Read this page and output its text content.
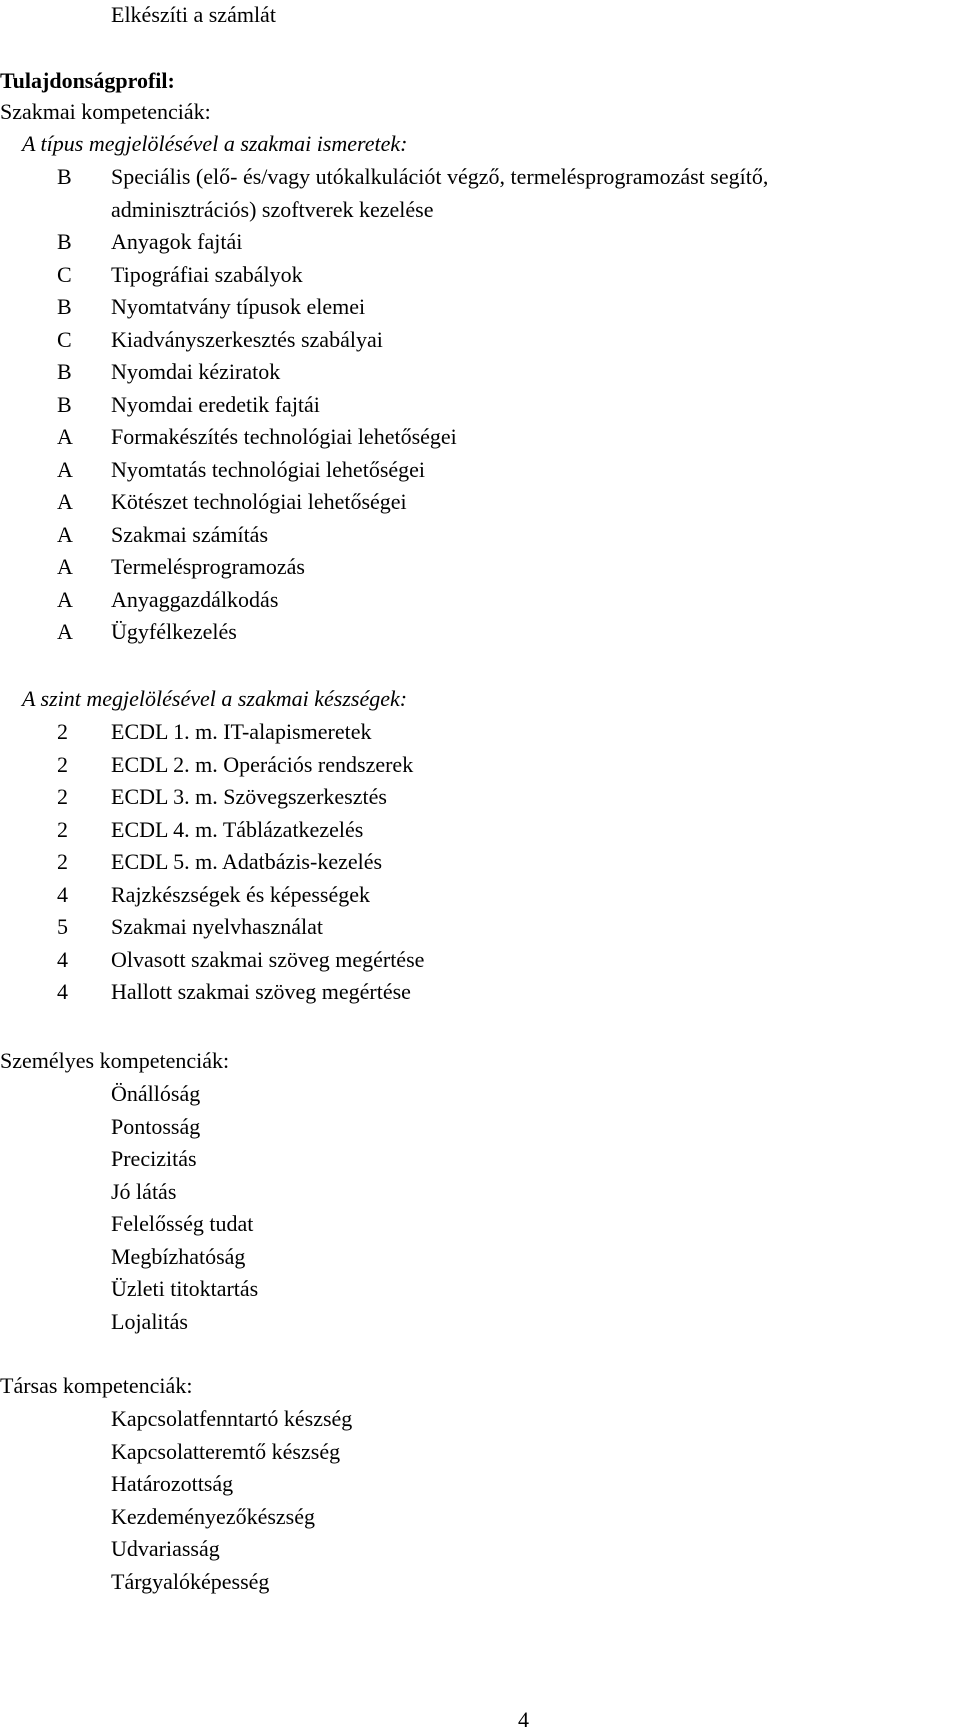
Elkészíti a számlát
Tulajdonságprofil:
Szakmai kompetenciák:
A típus megjelölésével a szakmai ismeretek:
B Speciális (elő- és/vagy utókalkulációt végző, termelésprogramozást segítő,
adminisztrációs) szoftverek kezelése
B Anyagok fajtái
C Tipográfiai szabályok
B Nyomtatvány típusok elemei
C Kiadványszerkesztés szabályai
B Nyomdai kéziratok
B Nyomdai eredetik fajtái
A Formakészítés technológiai lehetőségei
A Nyomtatás technológiai lehetőségei
A Kötészet technológiai lehetőségei
A Szakmai számítás
A Termelésprogramozás
A Anyaggazdálkodás
A Ügyfélkezelés
A szint megjelölésével a szakmai készségek:
2 ECDL 1. m. IT-alapismeretek
2 ECDL 2. m. Operációs rendszerek
2 ECDL 3. m. Szövegszerkesztés
2 ECDL 4. m. Táblázatkezelés
2 ECDL 5. m. Adatbázis-kezelés
4 Rajzkészségek és képességek
5 Szakmai nyelvhasználat
4 Olvasott szakmai szöveg megértése
4 Hallott szakmai szöveg megértése
Személyes kompetenciák:
Önállóság
Pontosság
Precizitás
Jó látás
Felelősség tudat
Megbízhatóság
Üzleti titoktartás
Lojalitás
Társas kompetenciák:
Kapcsolatfenntartó készség
Kapcsolatteremtő készség
Határozottság
Kezdeményezőkészség
Udvariasság
Tárgyalóképesség
4
